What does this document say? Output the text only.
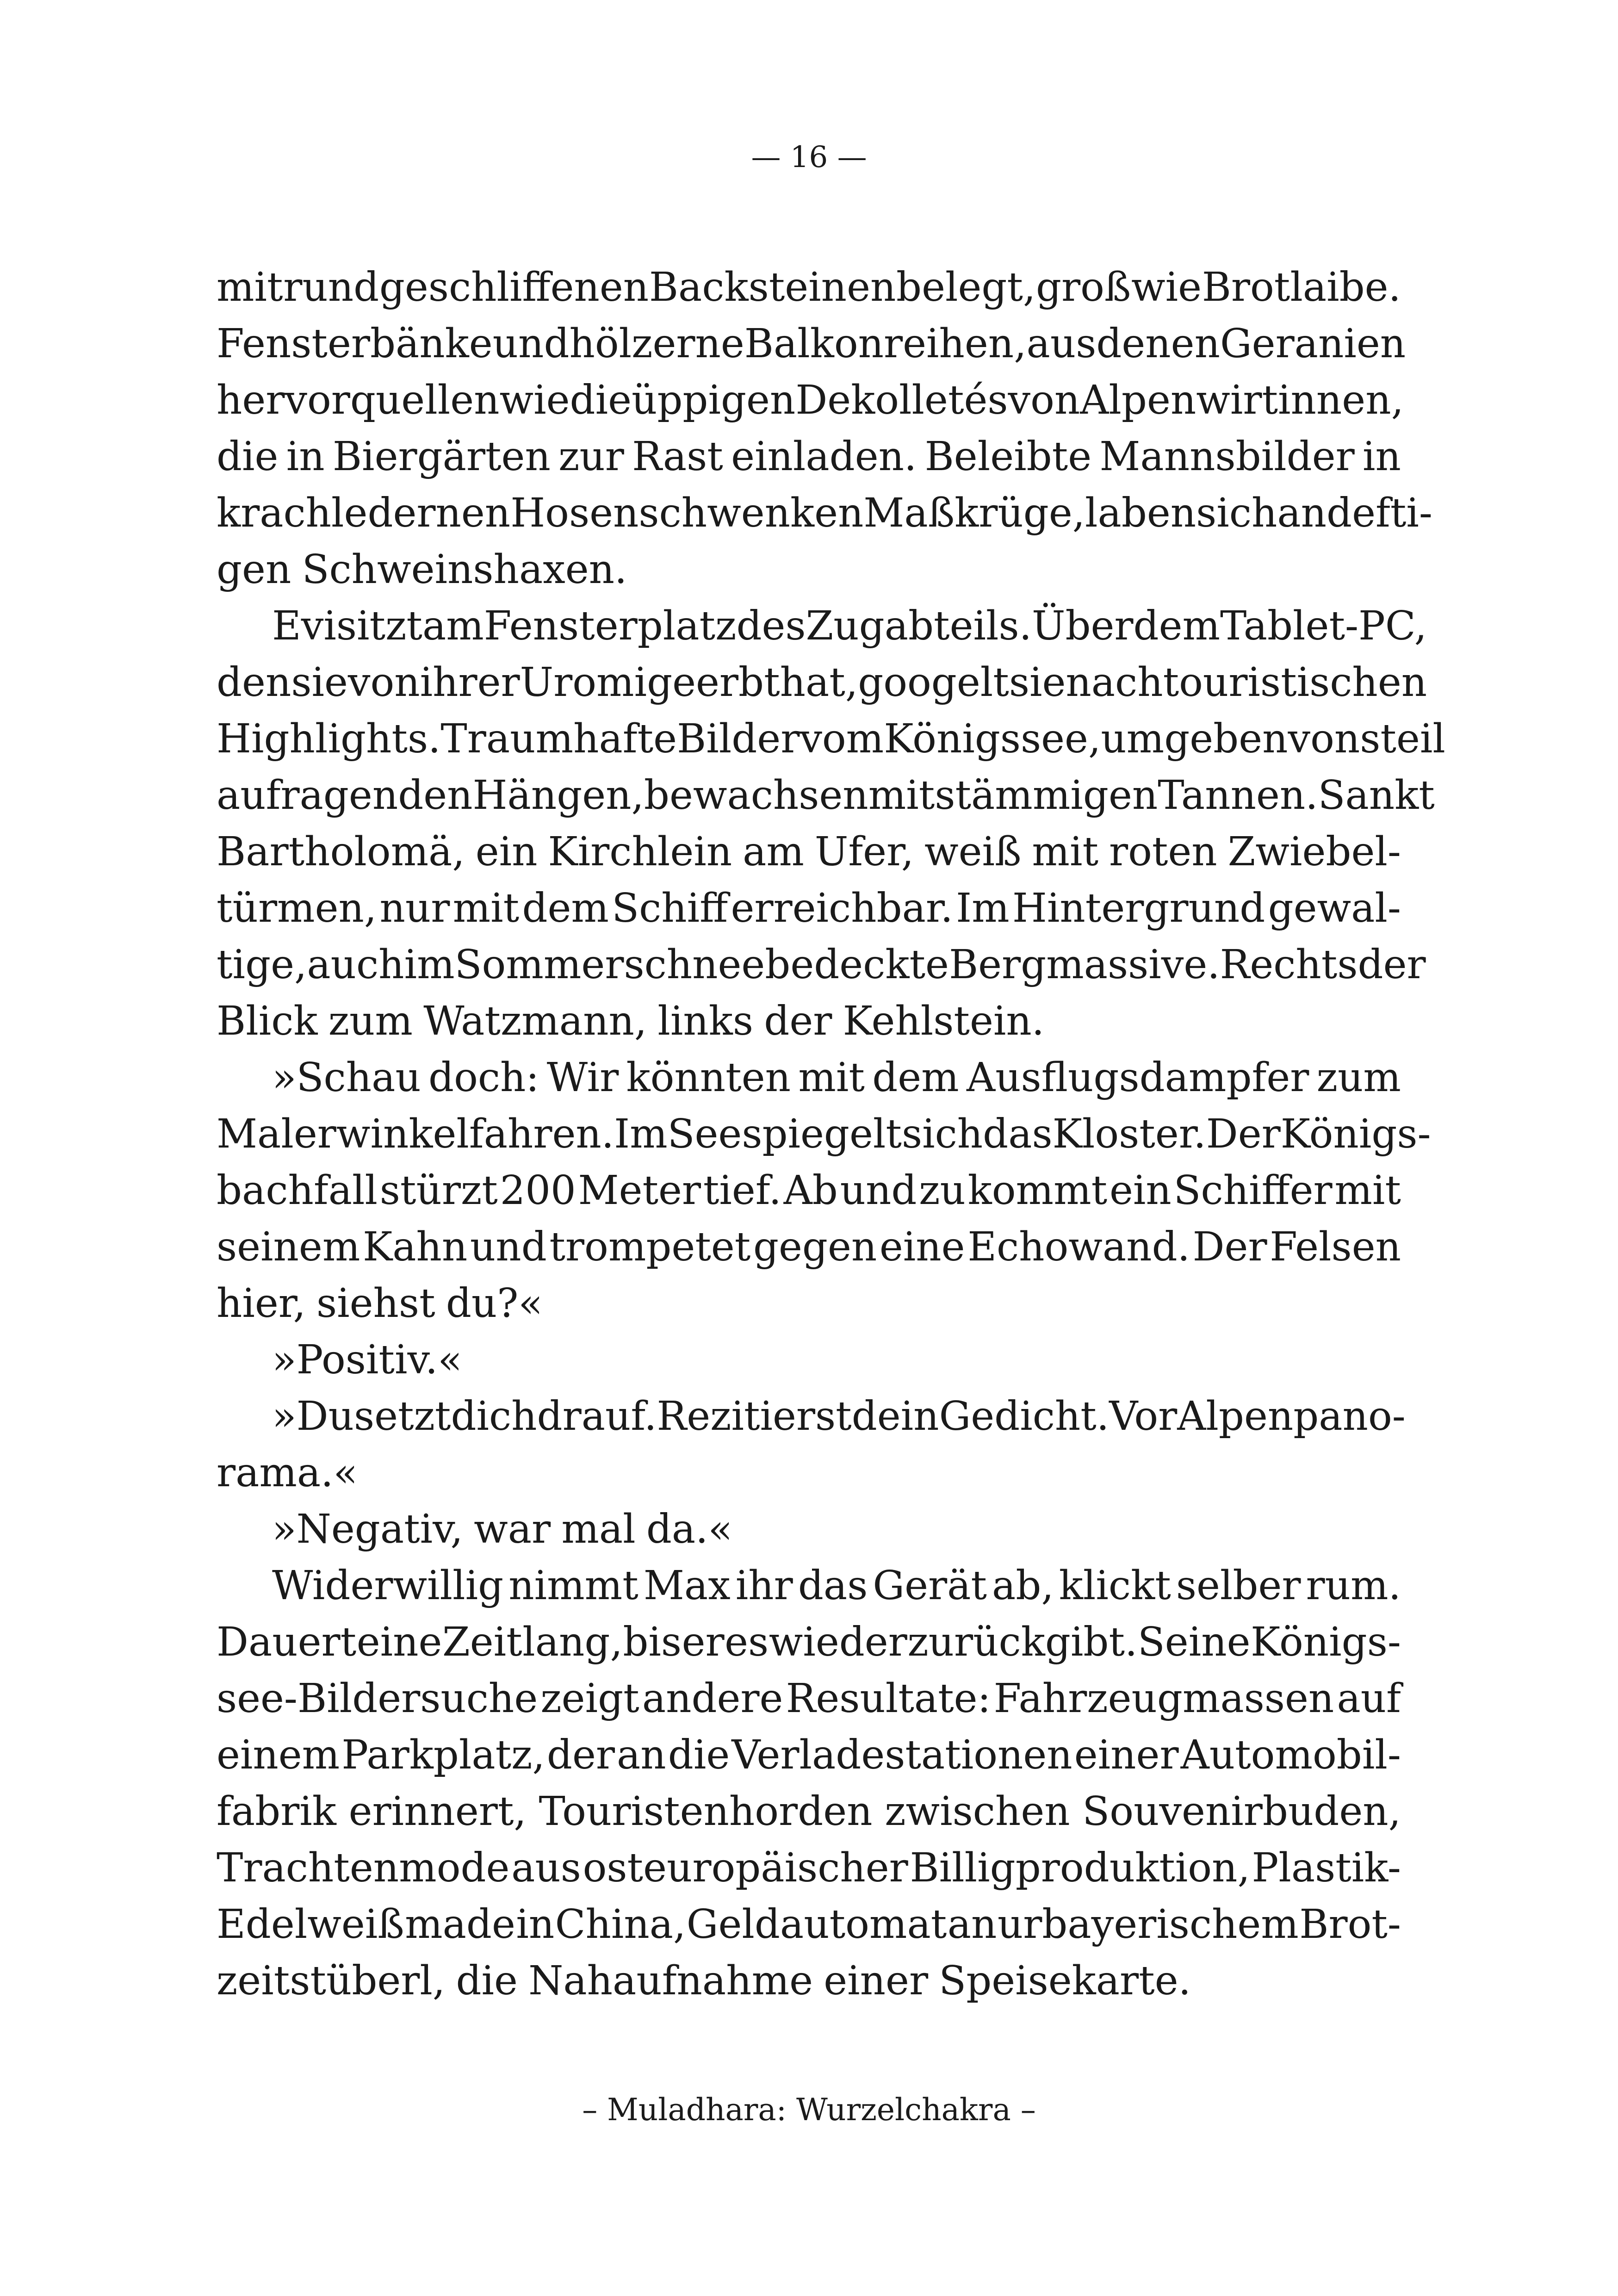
— 16 —
mit rund geschliffenen Backsteinen belegt, groß wie Brotlaibe.
Fensterbänke und hölzerne Balkonreihen, aus denen Geranien
hervorquellen wie die üppigen Dekolletés von Alpenwirtinnen,
die in Biergärten zur Rast einladen. Beleibte Mannsbilder in
krachledernen Hosen schwenken Maßkrüge, laben sich an defti-
gen Schweinshaxen.
Evi sitzt am Fensterplatz des Zugabteils. Über dem Tablet-PC,
den sie von ihrer Uromi geerbt hat, googelt sie nach touristischen
Highlights. Traumhafte Bilder vom Königssee, umgeben von steil
aufragenden Hängen, bewachsen mit stämmigen Tannen. Sankt
Bartholomä, ein Kirchlein am Ufer, weiß mit roten Zwiebel-
türmen, nur mit dem Schiff erreichbar. Im Hintergrund gewal-
tige, auch im Sommer schneebedeckte Bergmassive. Rechts der
Blick zum Watzmann, links der Kehlstein.
»Schau doch: Wir könnten mit dem Ausflugsdampfer zum
Malerwinkel fahren. Im See spiegelt sich das Kloster. Der Königs-
bachfall stürzt 200 Meter tief. Ab und zu kommt ein Schiffer mit
seinem Kahn und trompetet gegen eine Echowand. Der Felsen
hier, siehst du?«
»Positiv.«
»Du setzt dich drauf. Rezitierst dein Gedicht. Vor Alpenpano-
rama.«
»Negativ, war mal da.«
Widerwillig nimmt Max ihr das Gerät ab, klickt selber rum.
Dauert eine Zeit lang, bis er es wieder zurückgibt. Seine Königs-
see-Bildersuche zeigt andere Resultate: Fahrzeugmassen auf
einem Parkplatz, der an die Verladestationen einer Automobil-
fabrik erinnert, Touristenhorden zwischen Souvenirbuden,
Trachtenmode aus osteuropäischer Billigproduktion, Plastik-
Edelweiß made in China, Geldautomat an urbayerischem Brot-
zeitstüberl, die Nahaufnahme einer Speisekarte.
– Muladhara: Wurzelchakra –
